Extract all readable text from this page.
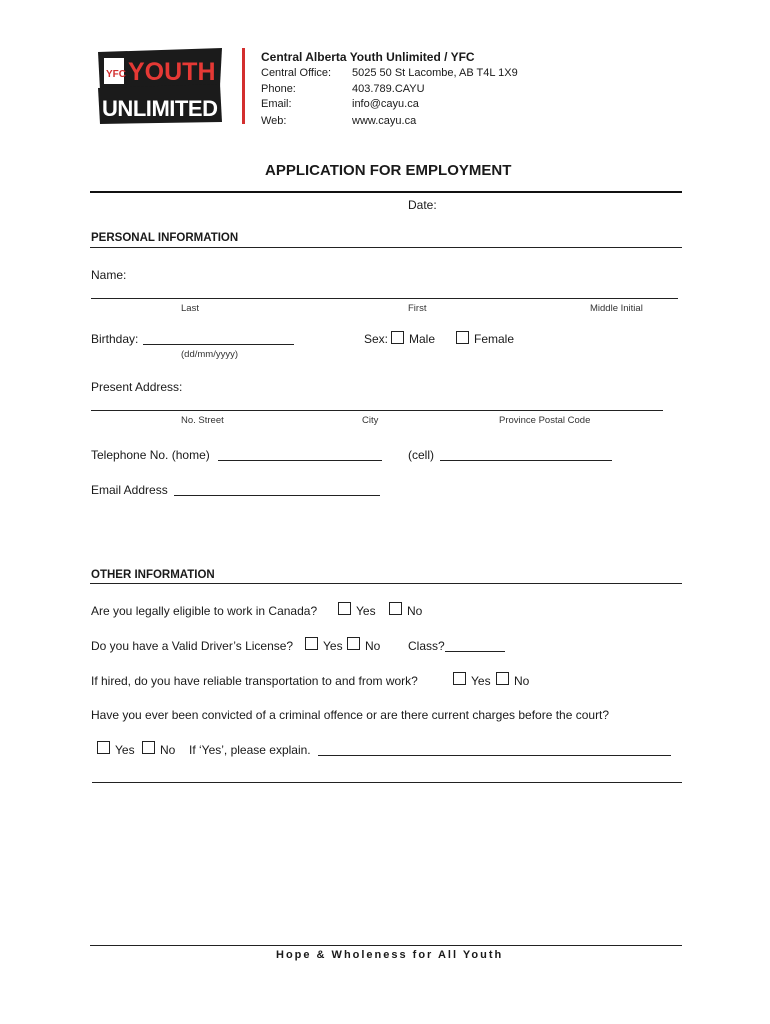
YFC YOUTH
UNLIMITED
Central Alberta Youth Unlimited / YFC
Central Office: 5025 50 St Lacombe, AB T4L 1X9
Phone:	403.789.CAYU
Email:	info@cayu.ca
Web:	www.cayu.ca
APPLICATION FOR EMPLOYMENT
Date:
PERSONAL INFORMATION
Name:
Last	First	Middle Initial
Birthday:
(dd/mm/yyyy)
Sex: Male	Female
Present Address:
No. Street	City	Province Postal Code
Telephone No. (home)	(cell)
Email Address
OTHER INFORMATION
Are you legally eligible to work in Canada?	Yes	No
Do you have a Valid Driver’s License? Yes No Class?
If hired, do you have reliable transportation to and from work?	Yes No
Have you ever been convicted of a criminal offence or are there current charges before the court?
Yes No If ‘Yes’, please explain.
Hope & Wholeness for All Youth
